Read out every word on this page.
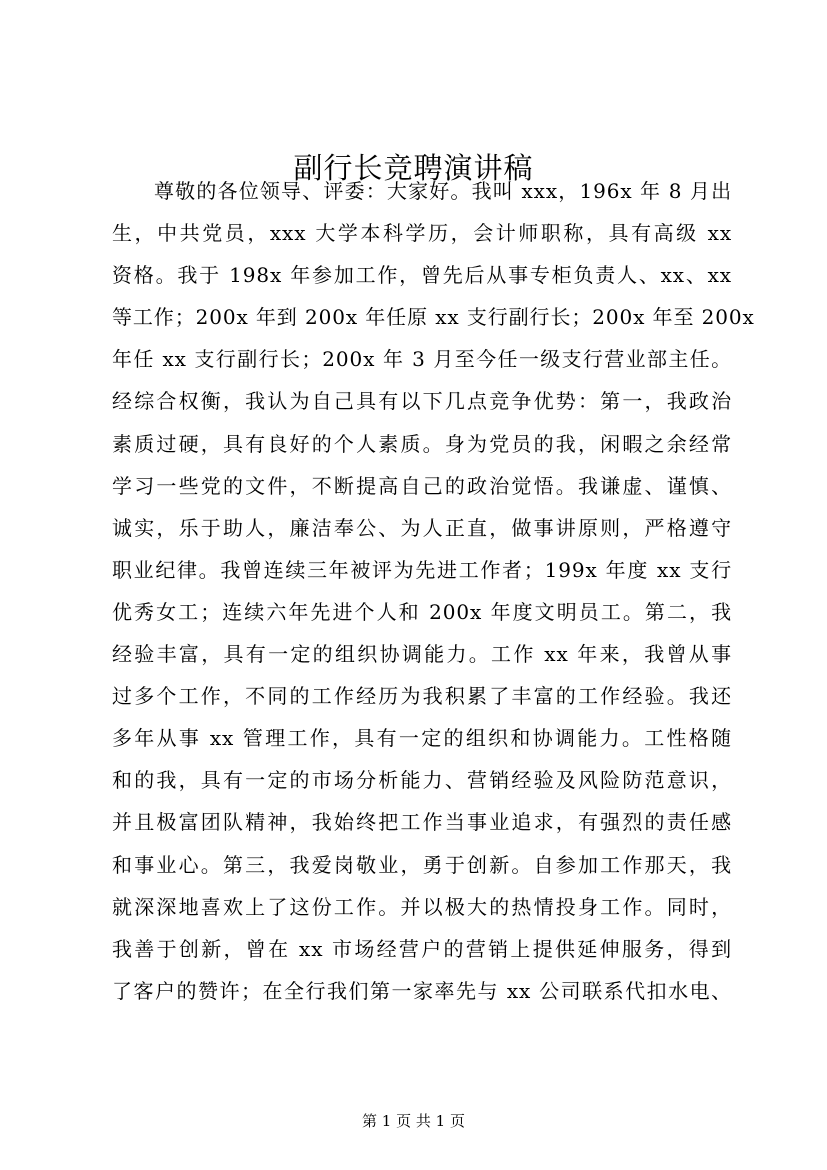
副行长竞聘演讲稿
尊敬的各位领导、评委：大家好。我叫 xxx，196x 年 8 月出
生，中共党员，xxx 大学本科学历，会计师职称，具有高级 xx
资格。我于 198x 年参加工作，曾先后从事专柜负责人、xx、xx
等工作；200x 年到 200x 年任原 xx 支行副行长；200x 年至 200x
年任 xx 支行副行长；200x 年 3 月至今任一级支行营业部主任。
经综合权衡，我认为自己具有以下几点竞争优势：第一，我政治
素质过硬，具有良好的个人素质。身为党员的我，闲暇之余经常
学习一些党的文件，不断提高自己的政治觉悟。我谦虚、谨慎、
诚实，乐于助人，廉洁奉公、为人正直，做事讲原则，严格遵守
职业纪律。我曾连续三年被评为先进工作者；199x 年度 xx 支行
优秀女工；连续六年先进个人和 200x 年度文明员工。第二，我
经验丰富，具有一定的组织协调能力。工作 xx 年来，我曾从事
过多个工作，不同的工作经历为我积累了丰富的工作经验。我还
多年从事 xx 管理工作，具有一定的组织和协调能力。工性格随
和的我，具有一定的市场分析能力、营销经验及风险防范意识，
并且极富团队精神，我始终把工作当事业追求，有强烈的责任感
和事业心。第三，我爱岗敬业，勇于创新。自参加工作那天，我
就深深地喜欢上了这份工作。并以极大的热情投身工作。同时，
我善于创新，曾在 xx 市场经营户的营销上提供延伸服务，得到
了客户的赞许；在全行我们第一家率先与 xx 公司联系代扣水电、
第 1 页 共 1 页
